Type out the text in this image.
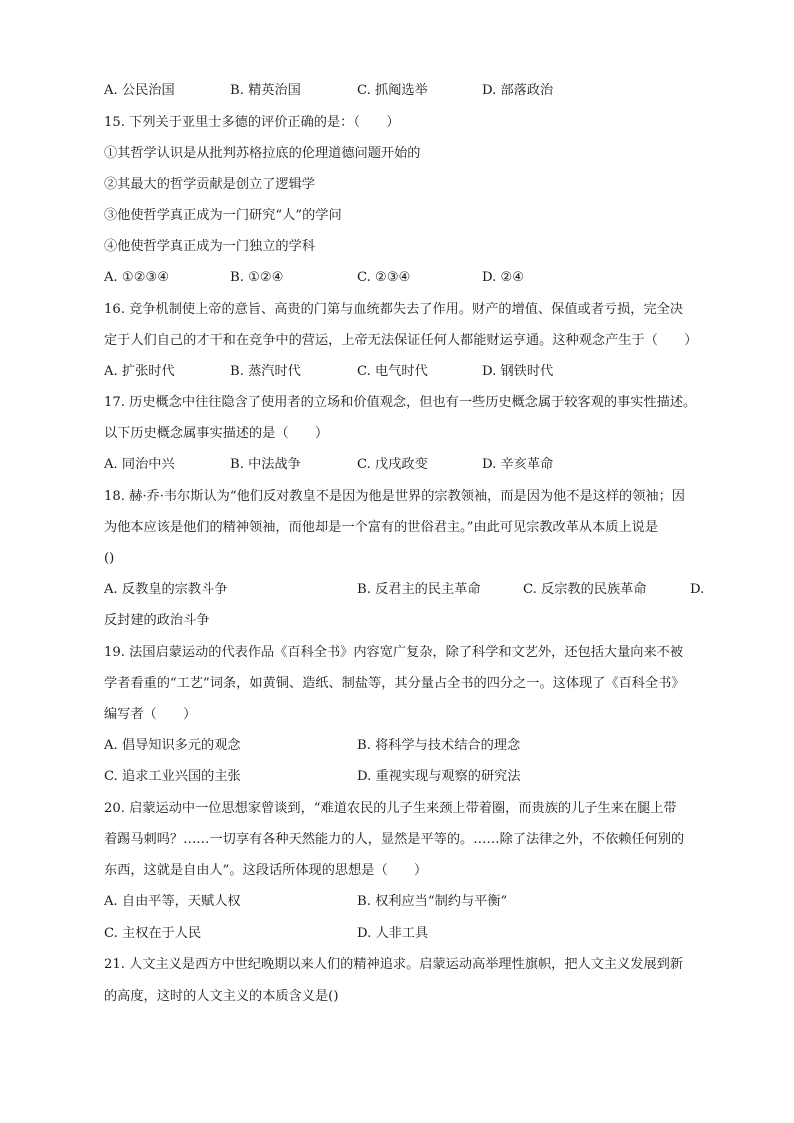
A. 公民治国	B. 精英治国	C. 抓阄选举	D. 部落政治
15. 下列关于亚里士多德的评价正确的是：（　　）
①其哲学认识是从批判苏格拉底的伦理道德问题开始的
②其最大的哲学贡献是创立了逻辑学
③他使哲学真正成为一门研究“人”的学问
④他使哲学真正成为一门独立的学科
A. ①②③④	B. ①②④	C. ②③④	D. ②④
16. 竞争机制使上帝的意旨、高贵的门第与血统都失去了作用。财产的增值、保值或者亏损，完全决
定于人们自己的才干和在竞争中的营运，上帝无法保证任何人都能财运亨通。这种观念产生于（　　）
A. 扩张时代	B. 蒸汽时代	C. 电气时代	D. 钢铁时代
17. 历史概念中往往隐含了使用者的立场和价值观念，但也有一些历史概念属于较客观的事实性描述。
以下历史概念属事实描述的是（　　）
A. 同治中兴	B. 中法战争	C. 戊戌政变	D. 辛亥革命
18. 赫·乔·韦尔斯认为“他们反对教皇不是因为他是世界的宗教领袖，而是因为他不是这样的领袖；因
为他本应该是他们的精神领袖，而他却是一个富有的世俗君主。”由此可见宗教改革从本质上说是
()
A. 反教皇的宗教斗争	B. 反君主的民主革命	C. 反宗教的民族革命	D.
反封建的政治斗争
19. 法国启蒙运动的代表作品《百科全书》内容宽广复杂，除了科学和文艺外，还包括大量向来不被
学者看重的“工艺”词条，如黄铜、造纸、制盐等，其分量占全书的四分之一。这体现了《百科全书》
编写者（　　）
A. 倡导知识多元的观念	B. 将科学与技术结合的理念
C. 追求工业兴国的主张	D. 重视实现与观察的研究法
20. 启蒙运动中一位思想家曾谈到，“难道农民的儿子生来颈上带着圈，而贵族的儿子生来在腿上带
着踢马刺吗？……一切享有各种天然能力的人，显然是平等的。……除了法律之外，不依赖任何别的
东西，这就是自由人”。这段话所体现的思想是（　　）
A. 自由平等，天赋人权	B. 权利应当“制约与平衡”
C. 主权在于人民	D. 人非工具
21. 人文主义是西方中世纪晚期以来人们的精神追求。启蒙运动高举理性旗帜，把人文主义发展到新
的高度，这时的人文主义的本质含义是()
